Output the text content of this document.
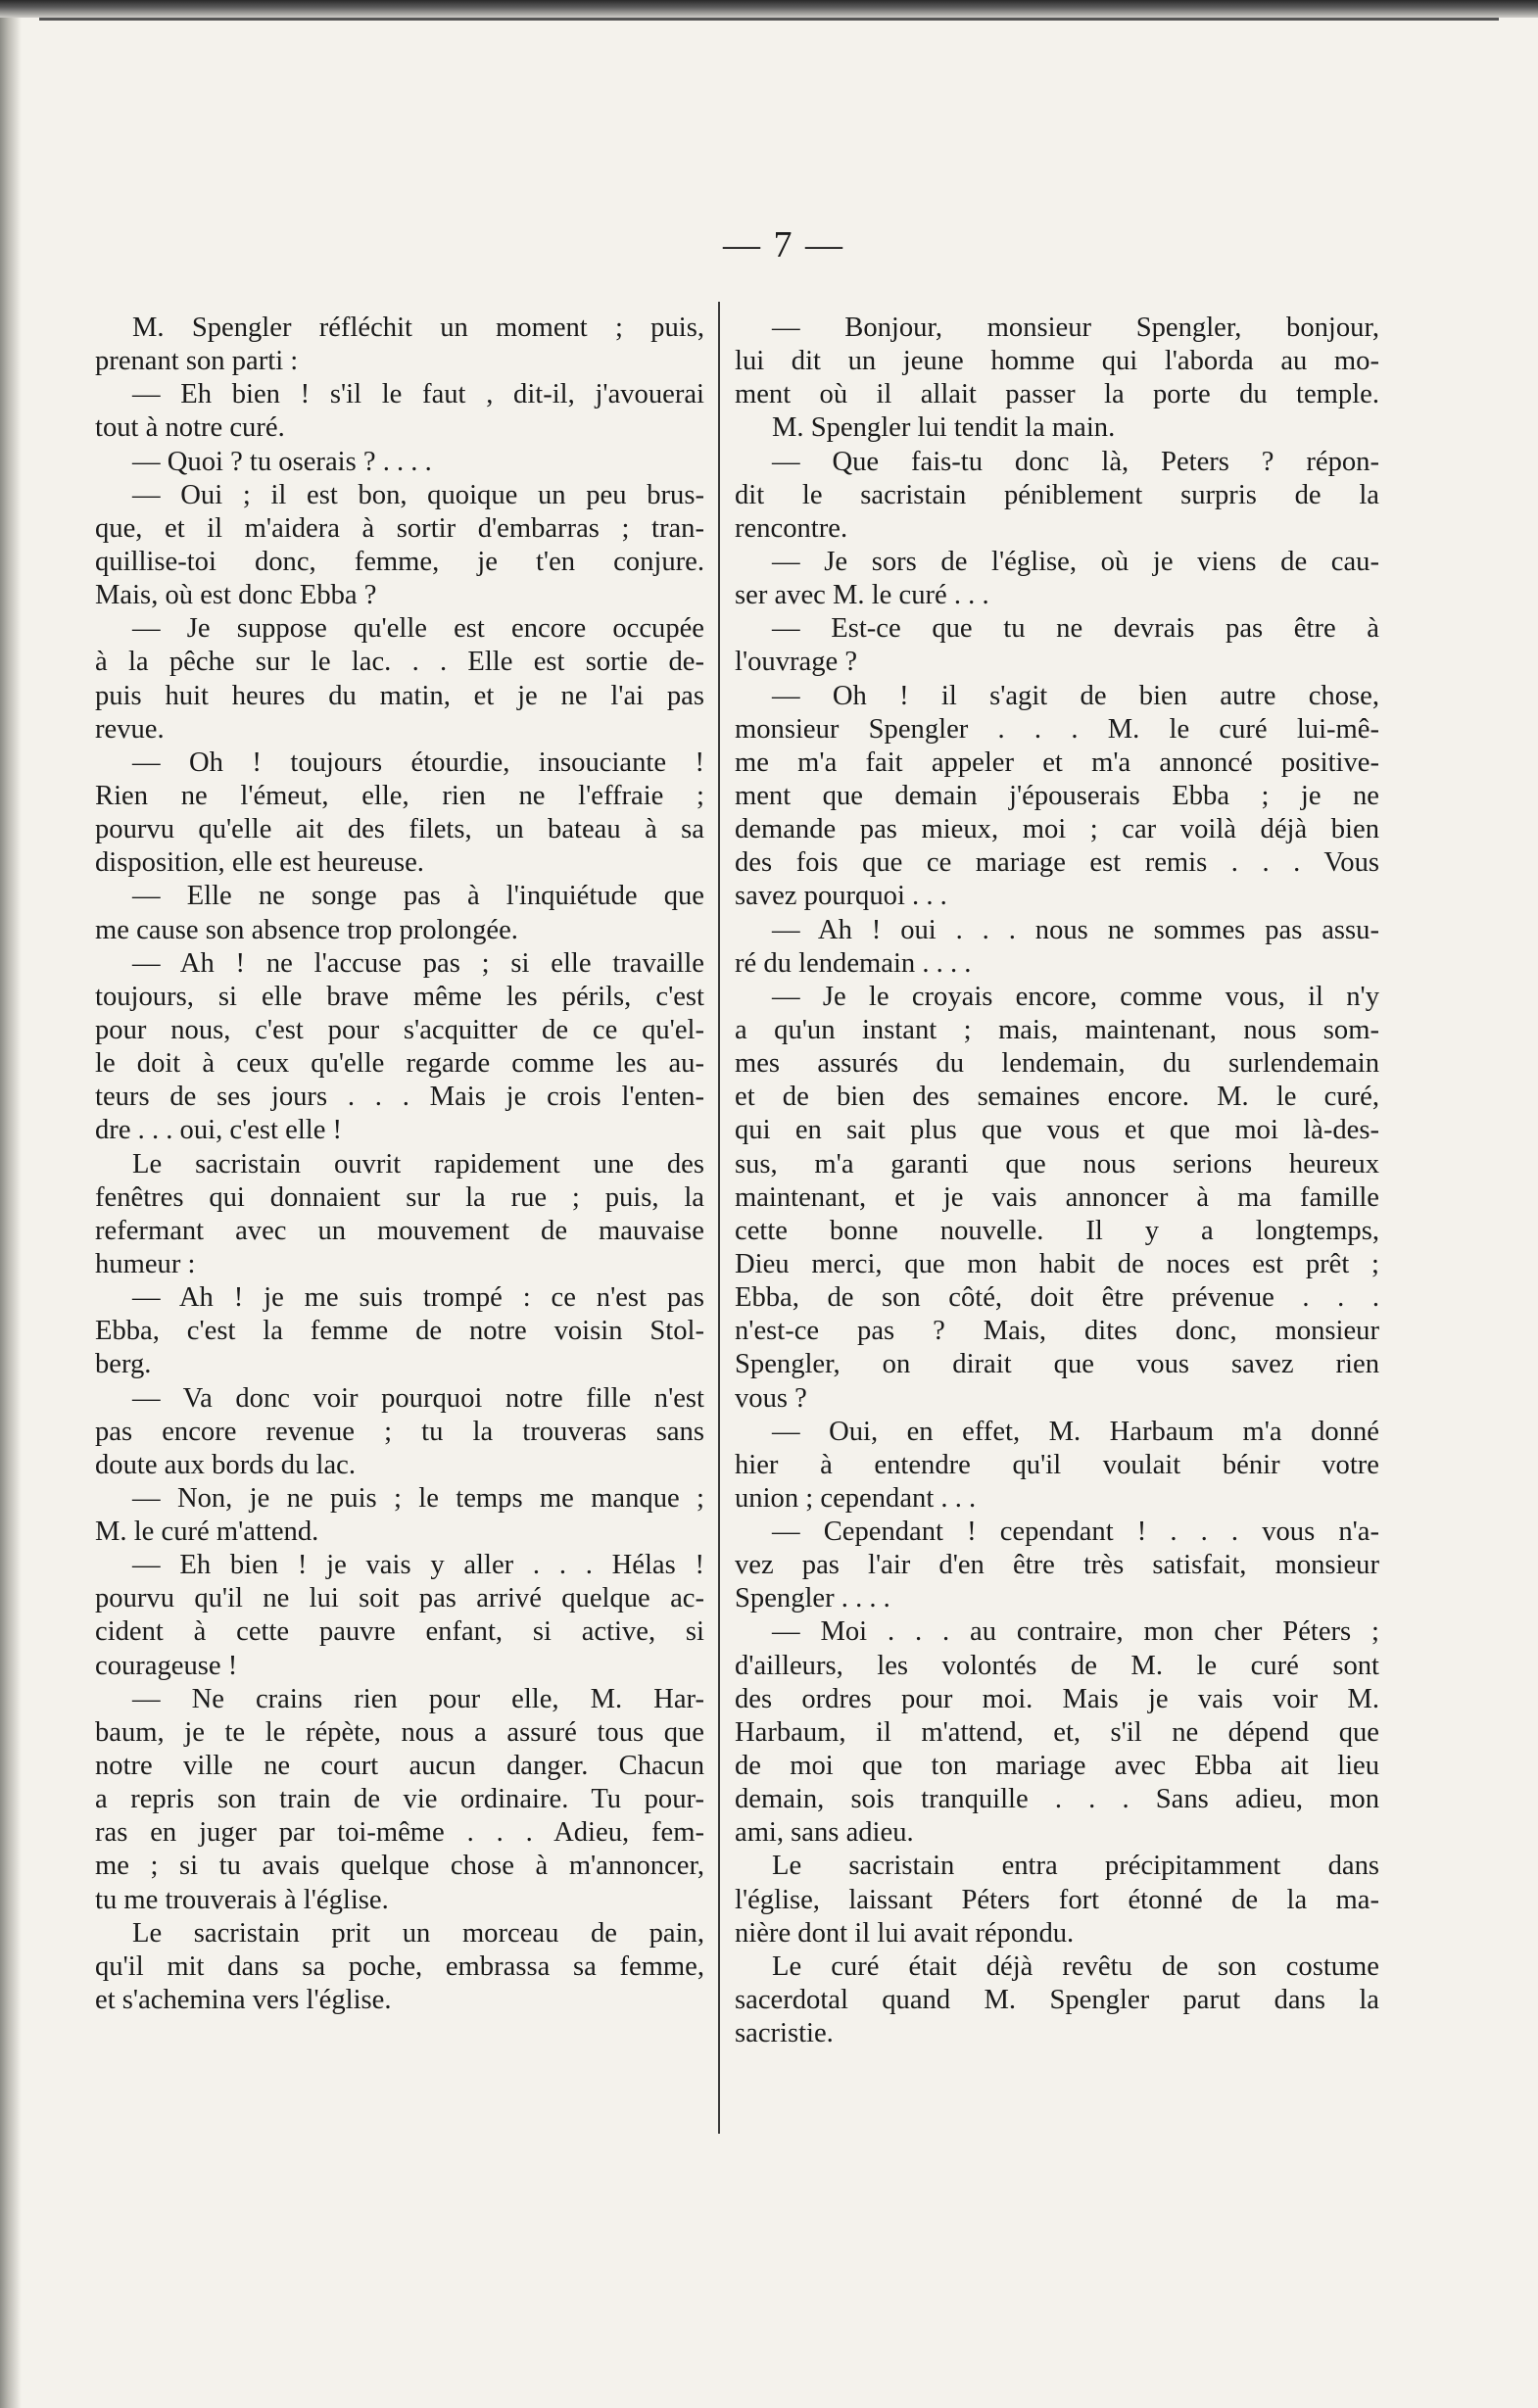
— 7 —
M. Spengler réfléchit un moment ; puis,
prenant son parti :
— Eh bien ! s'il le faut , dit-il, j'avouerai
tout à notre curé.
— Quoi ? tu oserais ? . . . .
— Oui ; il est bon, quoique un peu brus-
que, et il m'aidera à sortir d'embarras ; tran-
quillise-toi donc, femme, je t'en conjure.
Mais, où est donc Ebba ?
— Je suppose qu'elle est encore occupée
à la pêche sur le lac. . . Elle est sortie de-
puis huit heures du matin, et je ne l'ai pas
revue.
— Oh ! toujours étourdie, insouciante !
Rien ne l'émeut, elle, rien ne l'effraie ;
pourvu qu'elle ait des filets, un bateau à sa
disposition, elle est heureuse.
— Elle ne songe pas à l'inquiétude que
me cause son absence trop prolongée.
— Ah ! ne l'accuse pas ; si elle travaille
toujours, si elle brave même les périls, c'est
pour nous, c'est pour s'acquitter de ce qu'el-
le doit à ceux qu'elle regarde comme les au-
teurs de ses jours . . . Mais je crois l'enten-
dre . . . oui, c'est elle !
Le sacristain ouvrit rapidement une des
fenêtres qui donnaient sur la rue ; puis, la
refermant avec un mouvement de mauvaise
humeur :
— Ah ! je me suis trompé : ce n'est pas
Ebba, c'est la femme de notre voisin Stol-
berg.
— Va donc voir pourquoi notre fille n'est
pas encore revenue ; tu la trouveras sans
doute aux bords du lac.
— Non, je ne puis ; le temps me manque ;
M. le curé m'attend.
— Eh bien ! je vais y aller . . . Hélas !
pourvu qu'il ne lui soit pas arrivé quelque ac-
cident à cette pauvre enfant, si active, si
courageuse !
— Ne crains rien pour elle, M. Har-
baum, je te le répète, nous a assuré tous que
notre ville ne court aucun danger. Chacun
a repris son train de vie ordinaire. Tu pour-
ras en juger par toi-même . . . Adieu, fem-
me ; si tu avais quelque chose à m'annoncer,
tu me trouverais à l'église.
Le sacristain prit un morceau de pain,
qu'il mit dans sa poche, embrassa sa femme,
et s'achemina vers l'église.
— Bonjour, monsieur Spengler, bonjour,
lui dit un jeune homme qui l'aborda au mo-
ment où il allait passer la porte du temple.
M. Spengler lui tendit la main.
— Que fais-tu donc là, Peters ? répon-
dit le sacristain péniblement surpris de la
rencontre.
— Je sors de l'église, où je viens de cau-
ser avec M. le curé . . .
— Est-ce que tu ne devrais pas être à
l'ouvrage ?
— Oh ! il s'agit de bien autre chose,
monsieur Spengler . . . M. le curé lui-mê-
me m'a fait appeler et m'a annoncé positive-
ment que demain j'épouserais Ebba ; je ne
demande pas mieux, moi ; car voilà déjà bien
des fois que ce mariage est remis . . . Vous
savez pourquoi . . .
— Ah ! oui . . . nous ne sommes pas assu-
ré du lendemain . . . .
— Je le croyais encore, comme vous, il n'y
a qu'un instant ; mais, maintenant, nous som-
mes assurés du lendemain, du surlendemain
et de bien des semaines encore. M. le curé,
qui en sait plus que vous et que moi là-des-
sus, m'a garanti que nous serions heureux
maintenant, et je vais annoncer à ma famille
cette bonne nouvelle. Il y a longtemps,
Dieu merci, que mon habit de noces est prêt ;
Ebba, de son côté, doit être prévenue . . .
n'est-ce pas ? Mais, dites donc, monsieur
Spengler, on dirait que vous savez rien
vous ?
— Oui, en effet, M. Harbaum m'a donné
hier à entendre qu'il voulait bénir votre
union ; cependant . . .
— Cependant ! cependant ! . . . vous n'a-
vez pas l'air d'en être très satisfait, monsieur
Spengler . . . .
— Moi . . . au contraire, mon cher Péters ;
d'ailleurs, les volontés de M. le curé sont
des ordres pour moi. Mais je vais voir M.
Harbaum, il m'attend, et, s'il ne dépend que
de moi que ton mariage avec Ebba ait lieu
demain, sois tranquille . . . Sans adieu, mon
ami, sans adieu.
Le sacristain entra précipitamment dans
l'église, laissant Péters fort étonné de la ma-
nière dont il lui avait répondu.
Le curé était déjà revêtu de son costume
sacerdotal quand M. Spengler parut dans la
sacristie.
